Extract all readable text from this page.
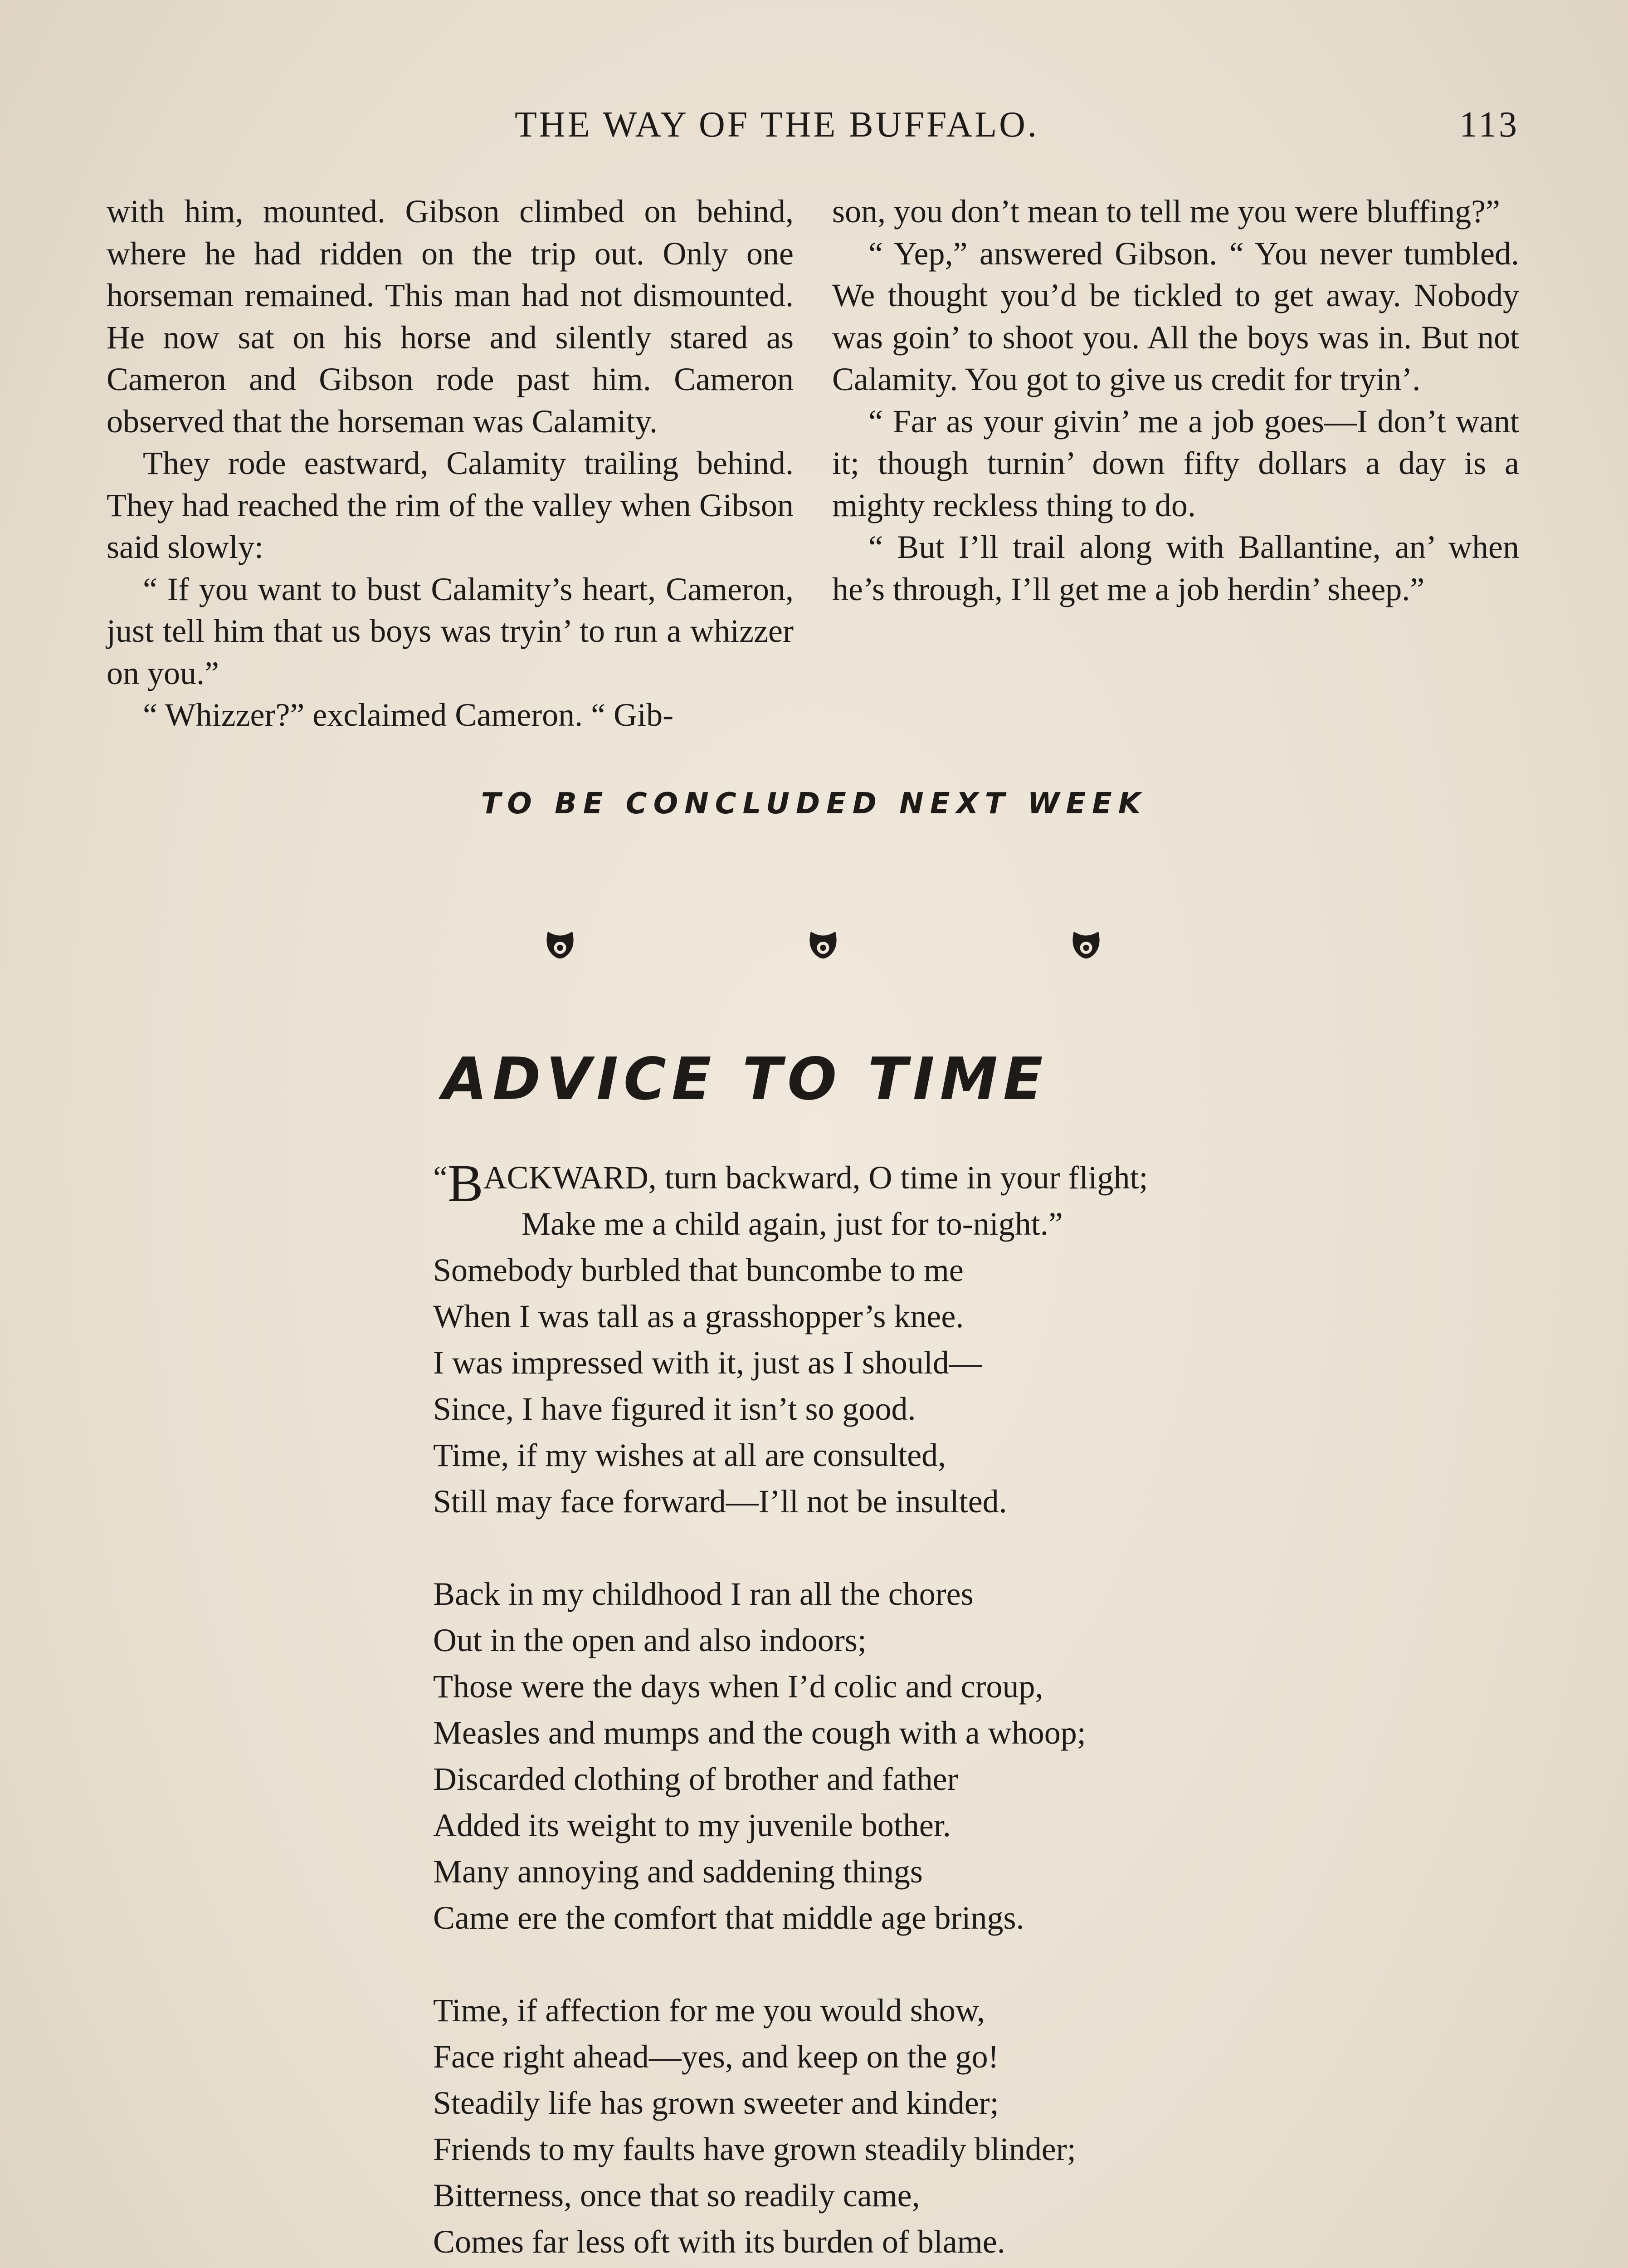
THE WAY OF THE BUFFALO.	113

with him, mounted. Gibson climbed on behind, where he had ridden on the trip out. Only one horseman remained. This man had not dismounted. He now sat on his horse and silently stared as Cameron and Gibson rode past him. Cameron observed that the horseman was Calamity.

They rode eastward, Calamity trailing behind. They had reached the rim of the valley when Gibson said slowly:

“ If you want to bust Calamity’s heart, Cameron, just tell him that us boys was tryin’ to run a whizzer on you.”

“ Whizzer?” exclaimed Cameron. “ Gib-

son, you don’t mean to tell me you were bluffing?”

“ Yep,” answered Gibson. “ You never tumbled. We thought you’d be tickled to get away. Nobody was goin’ to shoot you. All the boys was in. But not Calamity. You got to give us credit for tryin’.

“ Far as your givin’ me a job goes—I don’t want it; though turnin’ down fifty dollars a day is a mighty reckless thing to do.

“ But I’ll trail along with Ballantine, an’ when he’s through, I’ll get me a job herdin’ sheep.”

TO BE CONCLUDED NEXT WEEK
ADVICE TO TIME
“BACKWARD, turn backward, O time in your flight;
Make me a child again, just for to-night.”
Somebody burbled that buncombe to me
When I was tall as a grasshopper’s knee.
I was impressed with it, just as I should—
Since, I have figured it isn’t so good.
Time, if my wishes at all are consulted,
Still may face forward—I’ll not be insulted.
Back in my childhood I ran all the chores
Out in the open and also indoors;
Those were the days when I’d colic and croup,
Measles and mumps and the cough with a whoop;
Discarded clothing of brother and father
Added its weight to my juvenile bother.
Many annoying and saddening things
Came ere the comfort that middle age brings.
Time, if affection for me you would show,
Face right ahead—yes, and keep on the go!
Steadily life has grown sweeter and kinder;
Friends to my faults have grown steadily blinder;
Bitterness, once that so readily came,
Comes far less oft with its burden of blame.
